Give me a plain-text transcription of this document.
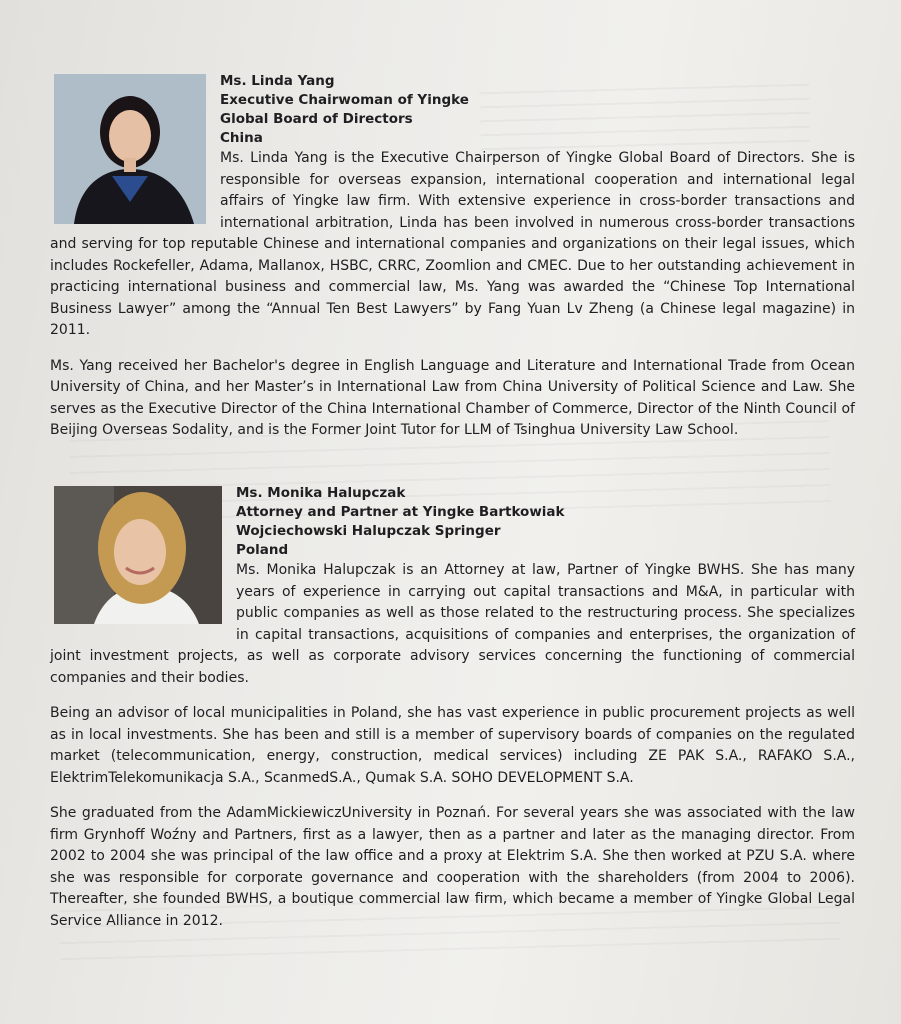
Ms. Linda Yang
Executive Chairwoman of Yingke
Global Board of Directors
China

Ms. Linda Yang is the Executive Chairperson of Yingke Global Board of Directors. She is responsible for overseas expansion, international cooperation and international legal affairs of Yingke law firm. With extensive experience in cross-border transactions and international arbitration, Linda has been involved in numerous cross-border transactions and serving for top reputable Chinese and international companies and organizations on their legal issues, which includes Rockefeller, Adama, Mallanox, HSBC, CRRC, Zoomlion and CMEC. Due to her outstanding achievement in practicing international business and commercial law, Ms. Yang was awarded the “Chinese Top International Business Lawyer” among the “Annual Ten Best Lawyers” by Fang Yuan Lv Zheng (a Chinese legal magazine) in 2011.

Ms. Yang received her Bachelor's degree in English Language and Literature and International Trade from Ocean University of China, and her Master’s in International Law from China University of Political Science and Law. She serves as the Executive Director of the China International Chamber of Commerce, Director of the Ninth Council of Beijing Overseas Sodality, and is the Former Joint Tutor for LLM of Tsinghua University Law School.

Ms. Monika Halupczak
Attorney and Partner at Yingke Bartkowiak
Wojciechowski Halupczak Springer
Poland

Ms. Monika Halupczak is an Attorney at law, Partner of Yingke BWHS. She has many years of experience in carrying out capital transactions and M&A, in particular with public companies as well as those related to the restructuring process. She specializes in capital transactions, acquisitions of companies and enterprises, the organization of joint investment projects, as well as corporate advisory services concerning the functioning of commercial companies and their bodies.

Being an advisor of local municipalities in Poland, she has vast experience in public procurement projects as well as in local investments. She has been and still is a member of supervisory boards of companies on the regulated market (telecommunication, energy, construction, medical services) including ZE PAK S.A., RAFAKO S.A., ElektrimTelekomunikacja S.A., ScanmedS.A., Qumak S.A. SOHO DEVELOPMENT S.A.

She graduated from the AdamMickiewiczUniversity in Poznań. For several years she was associated with the law firm Grynhoff Woźny and Partners, first as a lawyer, then as a partner and later as the managing director. From 2002 to 2004 she was principal of the law office and a proxy at Elektrim S.A. She then worked at PZU S.A. where she was responsible for corporate governance and cooperation with the shareholders (from 2004 to 2006). Thereafter, she founded BWHS, a boutique commercial law firm, which became a member of Yingke Global Legal Service Alliance in 2012.
